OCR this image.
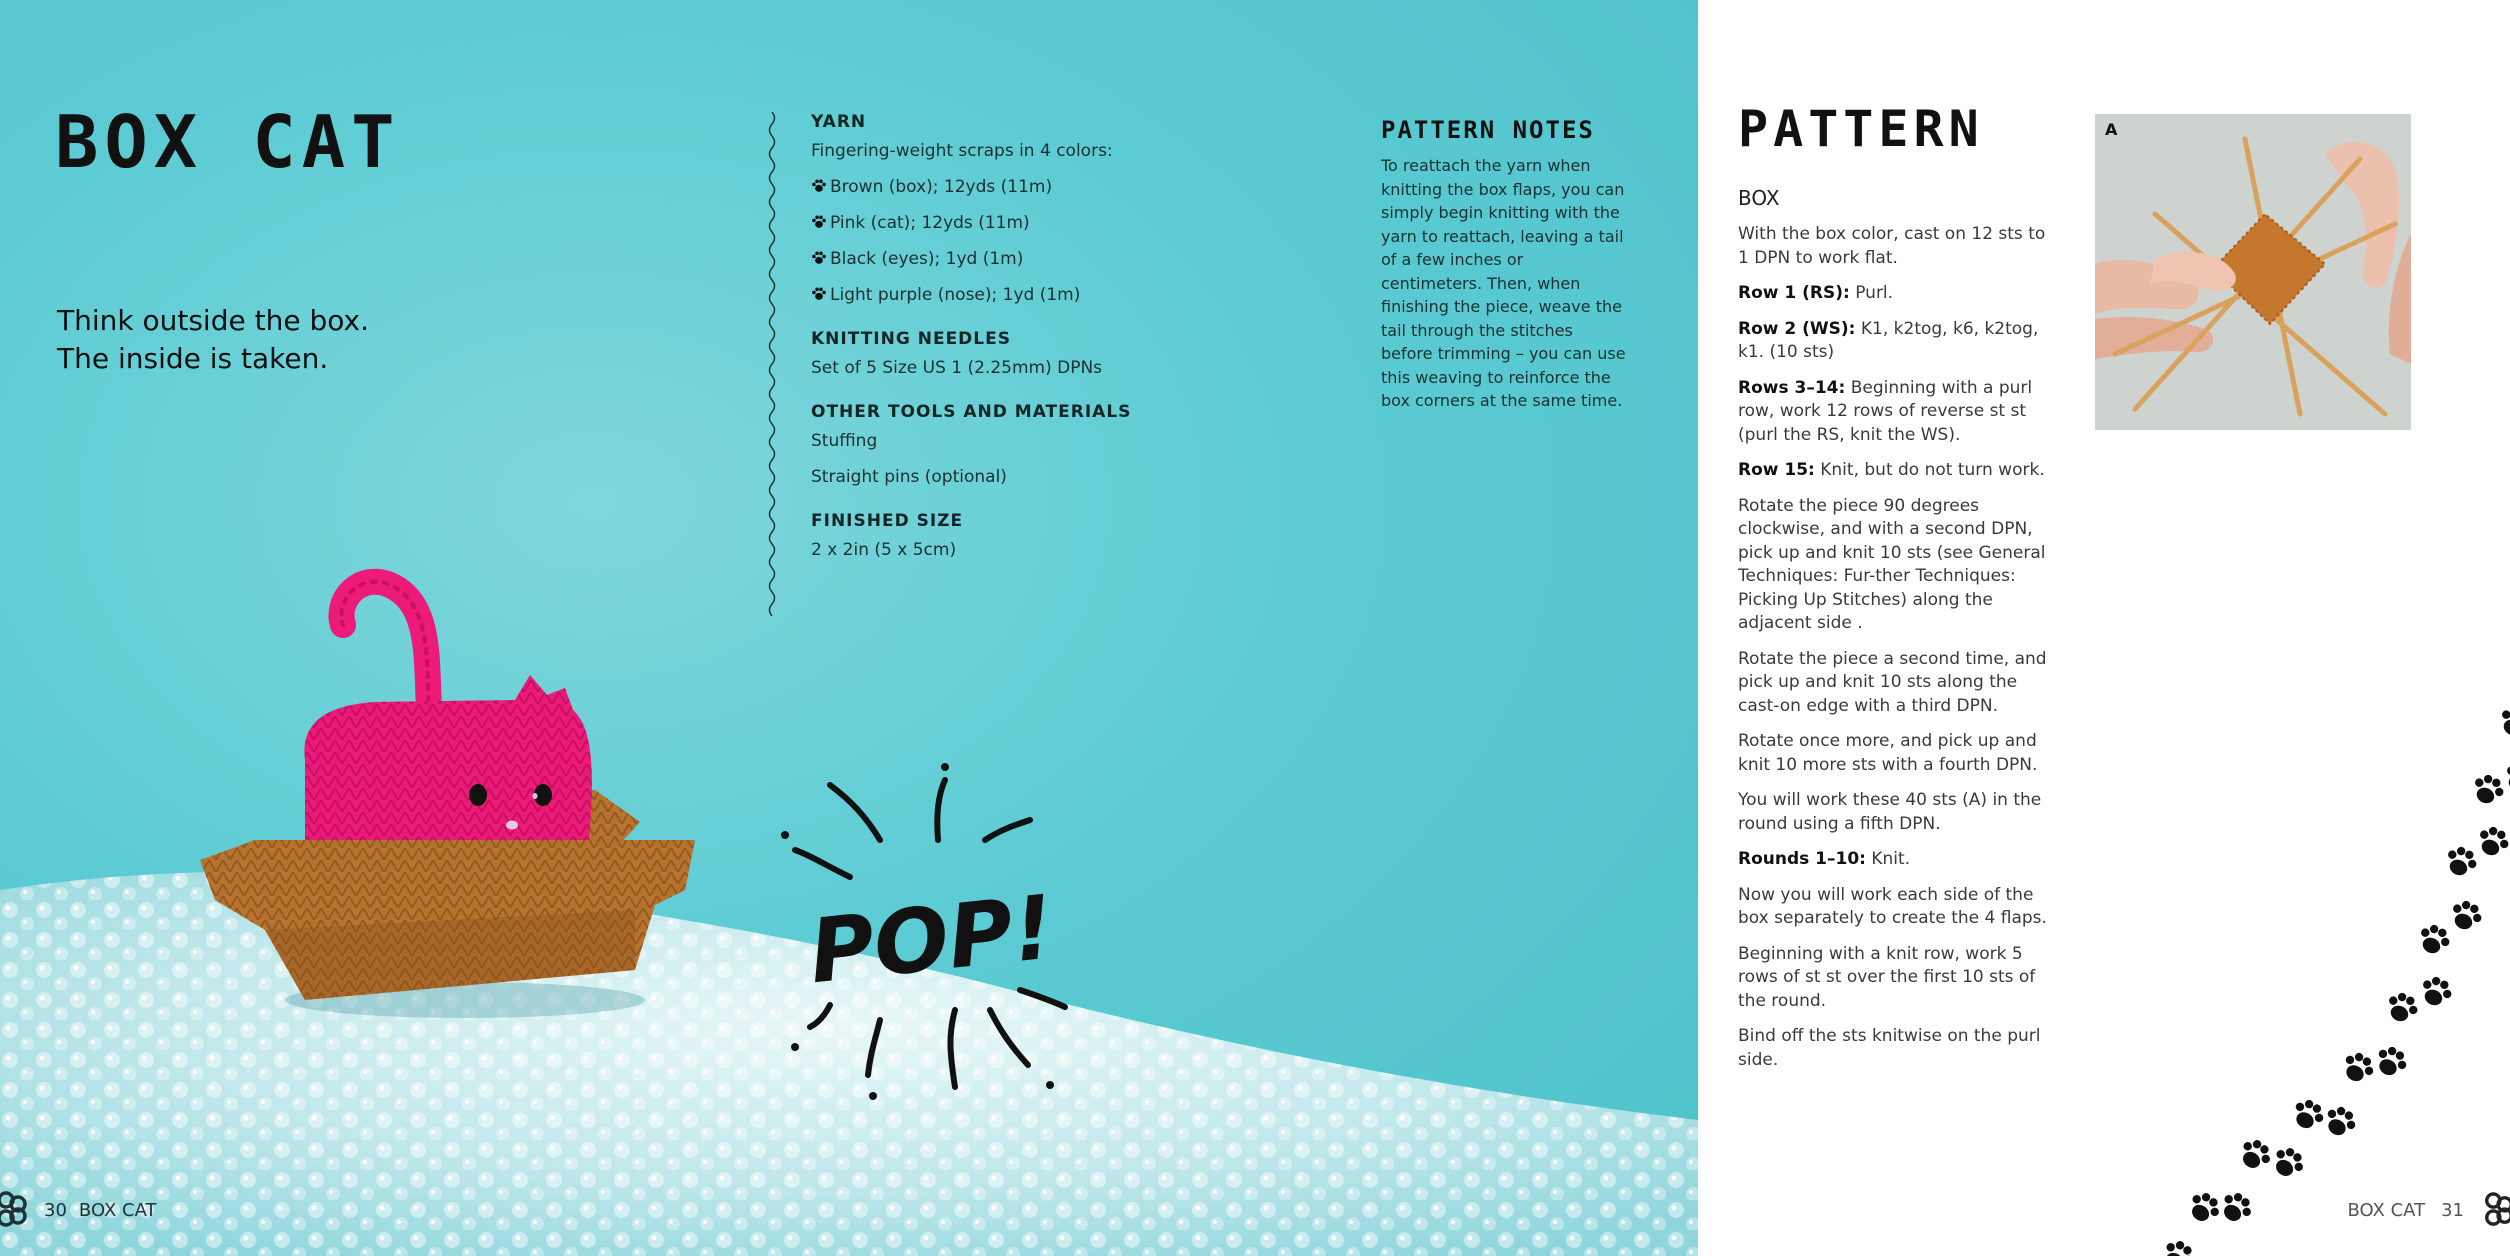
BOX CAT
Think outside the box.
The inside is taken.
YARN
Fingering-weight scraps in 4 colors:
Brown (box); 12yds (11m)
Pink (cat); 12yds (11m)
Black (eyes); 1yd (1m)
Light purple (nose); 1yd (1m)
KNITTING NEEDLES
Set of 5 Size US 1 (2.25mm) DPNs
OTHER TOOLS AND MATERIALS
Stuffing
Straight pins (optional)
FINISHED SIZE
2 x 2in (5 x 5cm)
PATTERN NOTES
To reattach the yarn when knitting the box flaps, you can simply begin knitting with the yarn to reattach, leaving a tail of a few inches or centimeters. Then, when finishing the piece, weave the tail through the stitches before trimming – you can use this weaving to reinforce the box corners at the same time.
POP!
30 BOX CAT
PATTERN
BOX
With the box color, cast on 12 sts to 1 DPN to work flat.
Row 1 (RS): Purl.
Row 2 (WS): K1, k2tog, k6, k2tog, k1. (10 sts)
Rows 3–14: Beginning with a purl row, work 12 rows of reverse st st (purl the RS, knit the WS).
Row 15: Knit, but do not turn work.
Rotate the piece 90 degrees clockwise, and with a second DPN, pick up and knit 10 sts (see General Techniques: Fur-ther Techniques: Picking Up Stitches) along the adjacent side .
Rotate the piece a second time, and pick up and knit 10 sts along the cast-on edge with a third DPN.
Rotate once more, and pick up and knit 10 more sts with a fourth DPN.
You will work these 40 sts (A) in the round using a fifth DPN.
Rounds 1–10: Knit.
Now you will work each side of the box separately to create the 4 flaps.
Beginning with a knit row, work 5 rows of st st over the first 10 sts of the round.
Bind off the sts knitwise on the purl side.
A
BOX CAT 31
